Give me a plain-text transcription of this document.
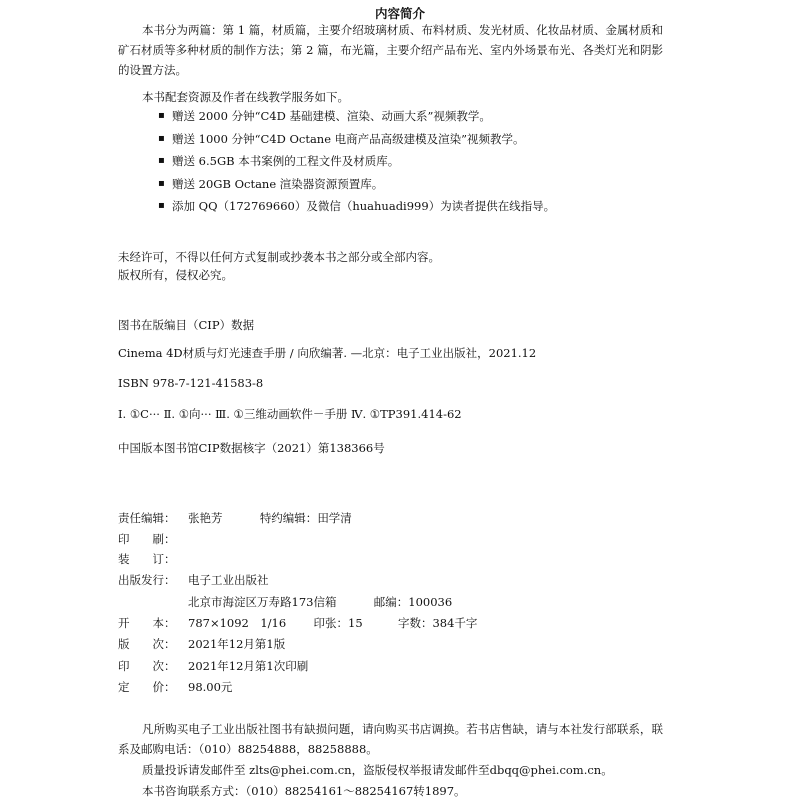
内容简介

本书分为两篇：第 1 篇，材质篇，主要介绍玻璃材质、布料材质、发光材质、化妆品材质、金属材质和矿石材质等多种材质的制作方法；第 2 篇，布光篇，主要介绍产品布光、室内外场景布光、各类灯光和阴影的设置方法。

本书配套资源及作者在线教学服务如下。

▪ 赠送 2000 分钟“C4D 基础建模、渲染、动画大系”视频教学。
▪ 赠送 1000 分钟“C4D Octane 电商产品高级建模及渲染”视频教学。
▪ 赠送 6.5GB 本书案例的工程文件及材质库。
▪ 赠送 20GB Octane 渲染器资源预置库。
▪ 添加 QQ（172769660）及微信（huahuadi999）为读者提供在线指导。

未经许可，不得以任何方式复制或抄袭本书之部分或全部内容。

版权所有，侵权必究。

图书在版编目（CIP）数据

Cinema 4D材质与灯光速查手册 / 向欣编著. —北京：电子工业出版社，2021.12

ISBN 978-7-121-41583-8

Ⅰ. ①C··· Ⅱ. ①向··· Ⅲ. ①三维动画软件－手册 Ⅳ. ①TP391.414-62

中国版本图书馆CIP数据核字（2021）第138366号

责任编辑： 张艳芳	特约编辑：田学清
印　　刷：
装　　订：
出版发行： 电子工业出版社
北京市海淀区万寿路173信箱	邮编：100036
开　　本： 787×1092　1/16 印张：15	字数：384千字
版　　次： 2021年12月第1版
印　　次： 2021年12月第1次印刷
定　　价： 98.00元

凡所购买电子工业出版社图书有缺损问题，请向购买书店调换。若书店售缺，请与本社发行部联系，联系及邮购电话：（010）88254888，88258888。

质量投诉请发邮件至 zlts@phei.com.cn，盗版侵权举报请发邮件至dbqq@phei.com.cn。

本书咨询联系方式：（010）88254161～88254167转1897。
